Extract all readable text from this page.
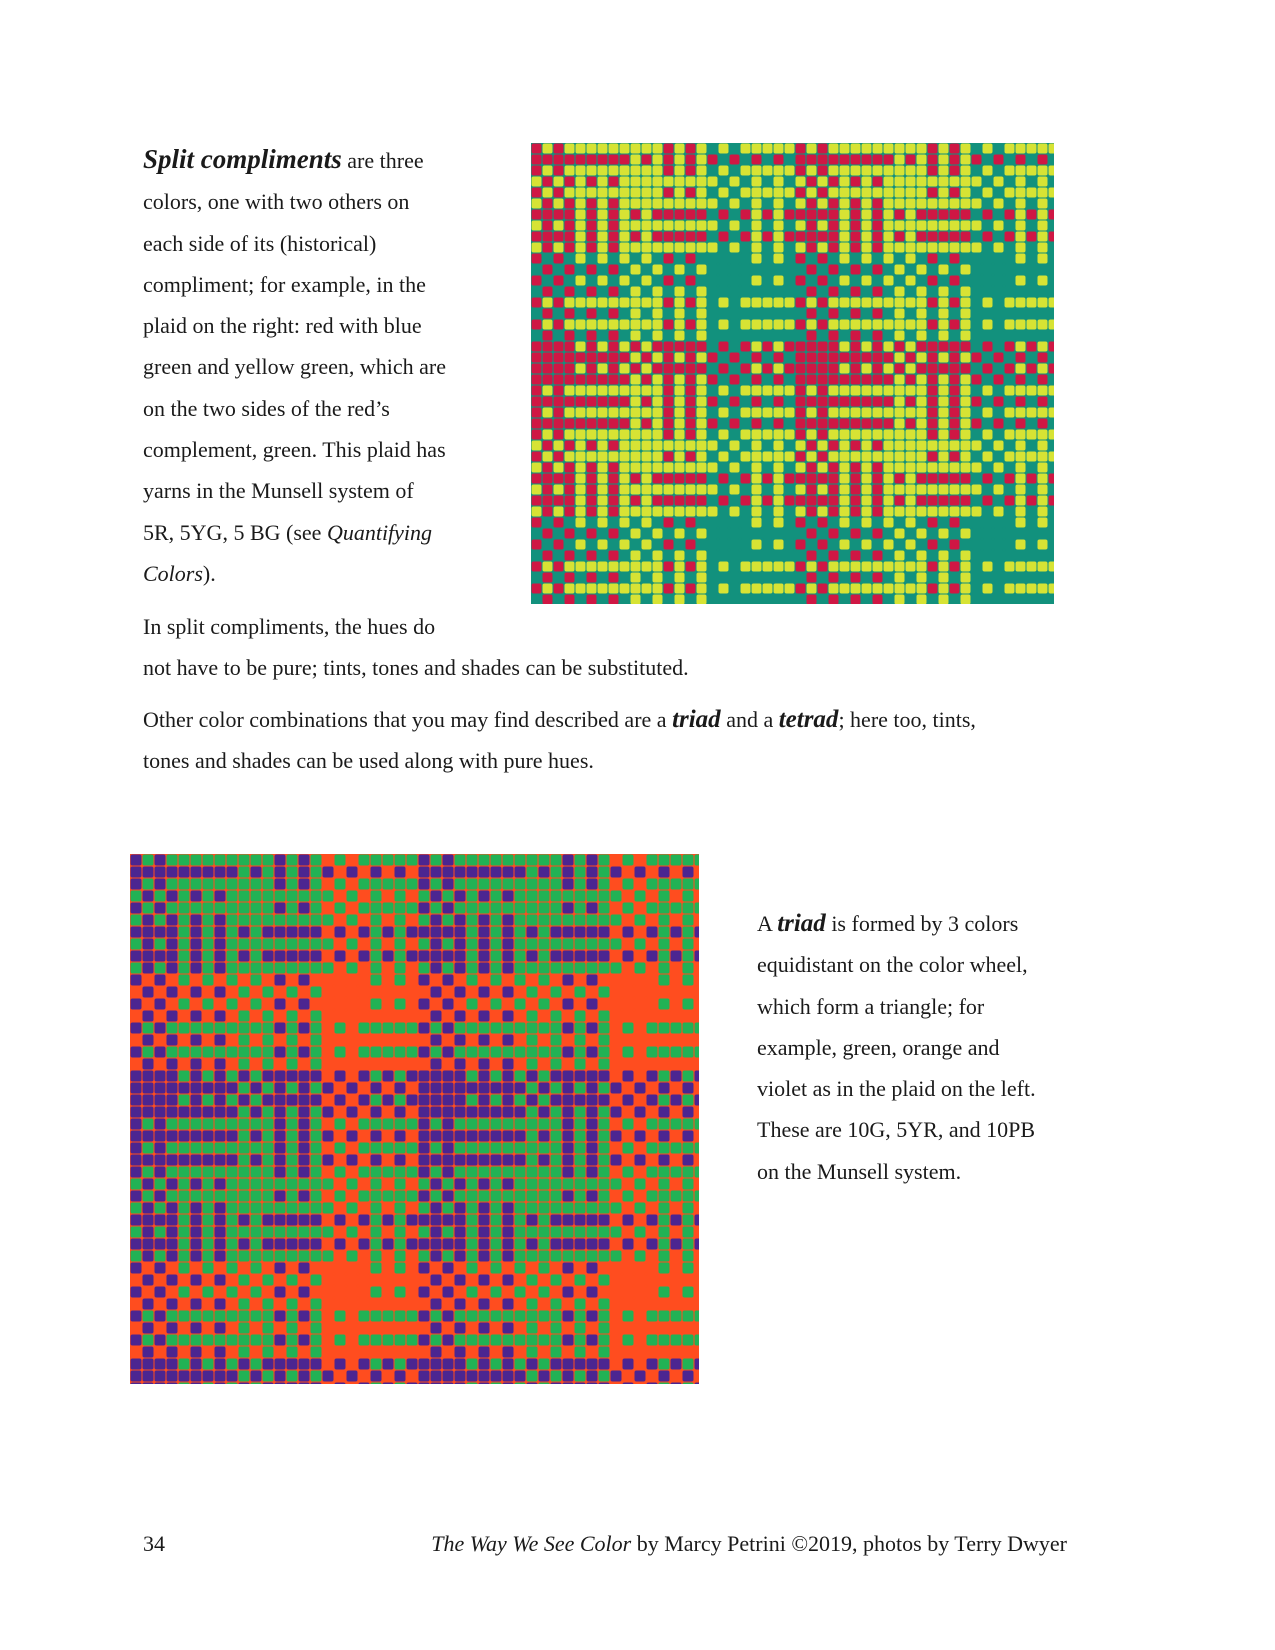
Split compliments are three

colors, one with two others on

each side of its (historical)

compliment; for example, in the

plaid on the right: red with blue

green and yellow green, which are

on the two sides of the red’s

complement, green. This plaid has

yarns in the Munsell system of

5R, 5YG, 5 BG (see Quantifying

Colors).

In split compliments, the hues do

not have to be pure; tints, tones and shades can be substituted.

Other color combinations that you may find described are a triad and a tetrad; here too, tints,

tones and shades can be used along with pure hues.

A triad is formed by 3 colors

equidistant on the color wheel,

which form a triangle; for

example, green, orange and

violet as in the plaid on the left.

These are 10G, 5YR, and 10PB

on the Munsell system.

34	The Way We See Color by Marcy Petrini ©2019, photos by Terry Dwyer
